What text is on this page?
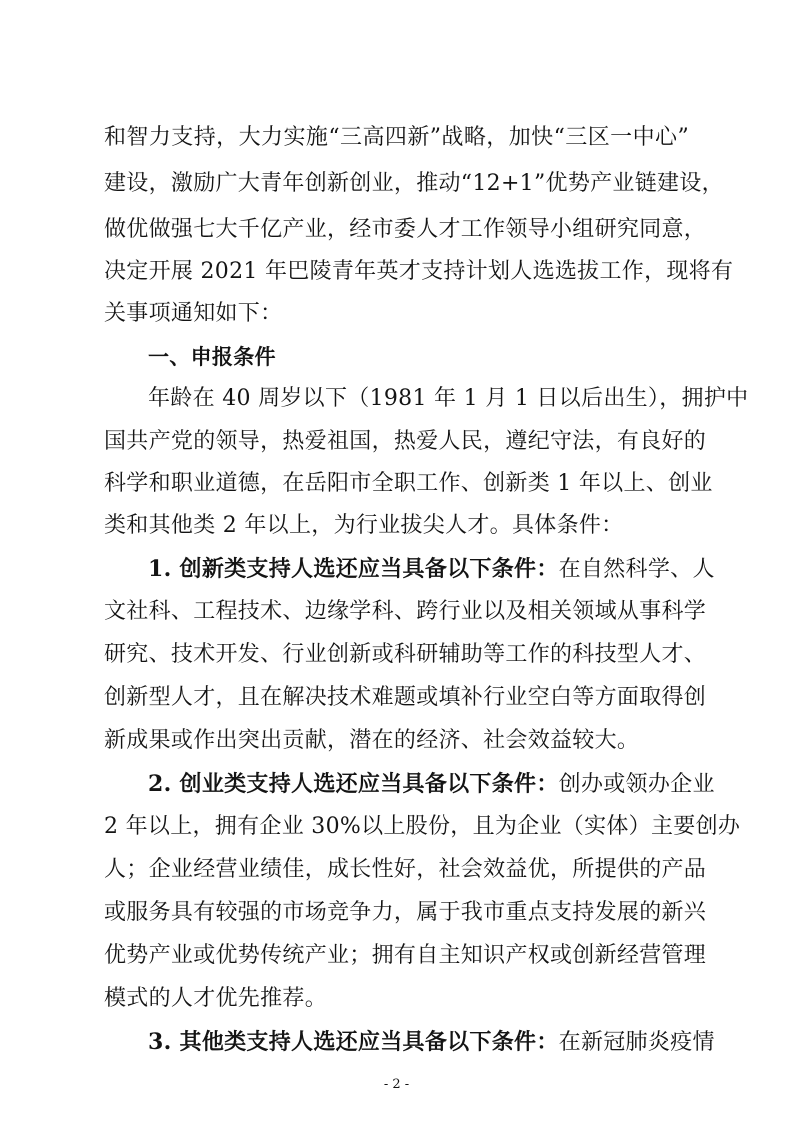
和智力支持，大力实施“三高四新”战略，加快“三区一中心”
建设，激励广大青年创新创业，推动“12+1”优势产业链建设，
做优做强七大千亿产业，经市委人才工作领导小组研究同意，
决定开展 2021 年巴陵青年英才支持计划人选选拔工作，现将有
关事项通知如下：
一、申报条件
年龄在 40 周岁以下（1981 年 1 月 1 日以后出生），拥护中
国共产党的领导，热爱祖国，热爱人民，遵纪守法，有良好的
科学和职业道德，在岳阳市全职工作、创新类 1 年以上、创业
类和其他类 2 年以上，为行业拔尖人才。具体条件：
1. 创新类支持人选还应当具备以下条件：在自然科学、人
文社科、工程技术、边缘学科、跨行业以及相关领域从事科学
研究、技术开发、行业创新或科研辅助等工作的科技型人才、
创新型人才，且在解决技术难题或填补行业空白等方面取得创
新成果或作出突出贡献，潜在的经济、社会效益较大。
2. 创业类支持人选还应当具备以下条件：创办或领办企业
2 年以上，拥有企业 30%以上股份，且为企业（实体）主要创办
人；企业经营业绩佳，成长性好，社会效益优，所提供的产品
或服务具有较强的市场竞争力，属于我市重点支持发展的新兴
优势产业或优势传统产业；拥有自主知识产权或创新经营管理
模式的人才优先推荐。
3. 其他类支持人选还应当具备以下条件：在新冠肺炎疫情
- 2 -
